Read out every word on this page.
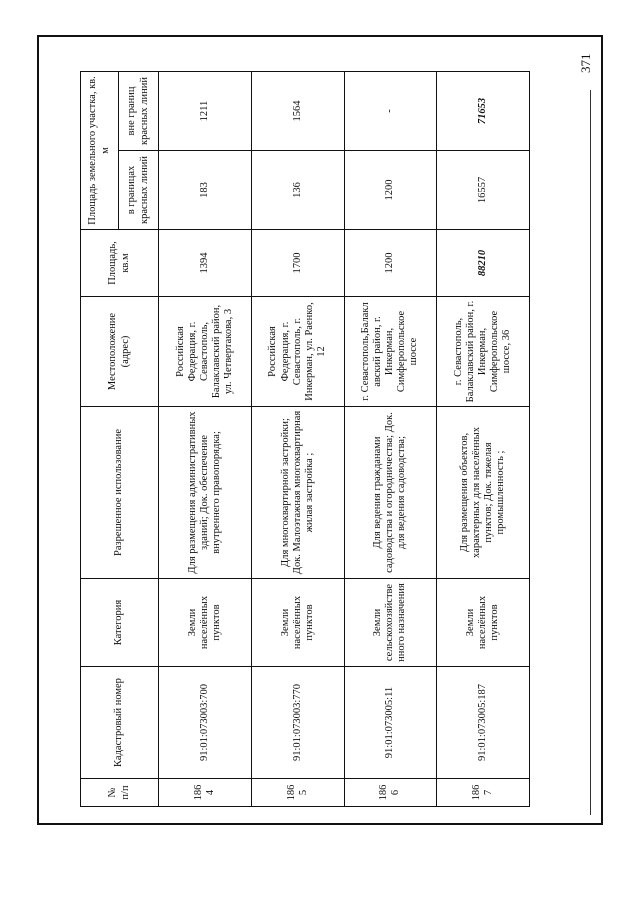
371
№ п/п	Кадастровый номер	Категория	Разрешенное использование	Местоположение (адрес)	Площадь, кв.м	Площадь земельного участка, кв. м	
						в границах красных линий	вне границ красных линий
186 4	91:01:073003:700	Земли населённых пунктов	Для размещения административных зданий; Док. обеспечение внутреннего правопорядка;	Российская Федерация, г. Севастополь, Балаклавский район, ул. Четвертакова, 3	1394	183	1211
186 5	91:01:073003:770	Земли населённых пунктов	Для многоквартирной застройки; Док. Малоэтажная многоквартирная жилая застройка ;	Российская Федерация, г. Севастополь, г. Инкерман, ул. Раенко, 12	1700	136	1564
186 6	91:01:073005:11	Земли сельскохозяйстве нного назначения	Для ведения гражданами садоводства и огородничества; Док. для ведения садоводства;	г. Севастополь,Балакл авский район, г. Инкерман, Симферопольское шоссе	1200	1200	-
186 7	91:01:073005:187	Земли населённых пунктов	Для размещения объектов, характерных для населённых пунктов; Док. тяжелая промышленность ;	г. Севастополь, Балаклавский район, г. Инкерман, Симферопольское шоссе, 36	88210	16557	71653
